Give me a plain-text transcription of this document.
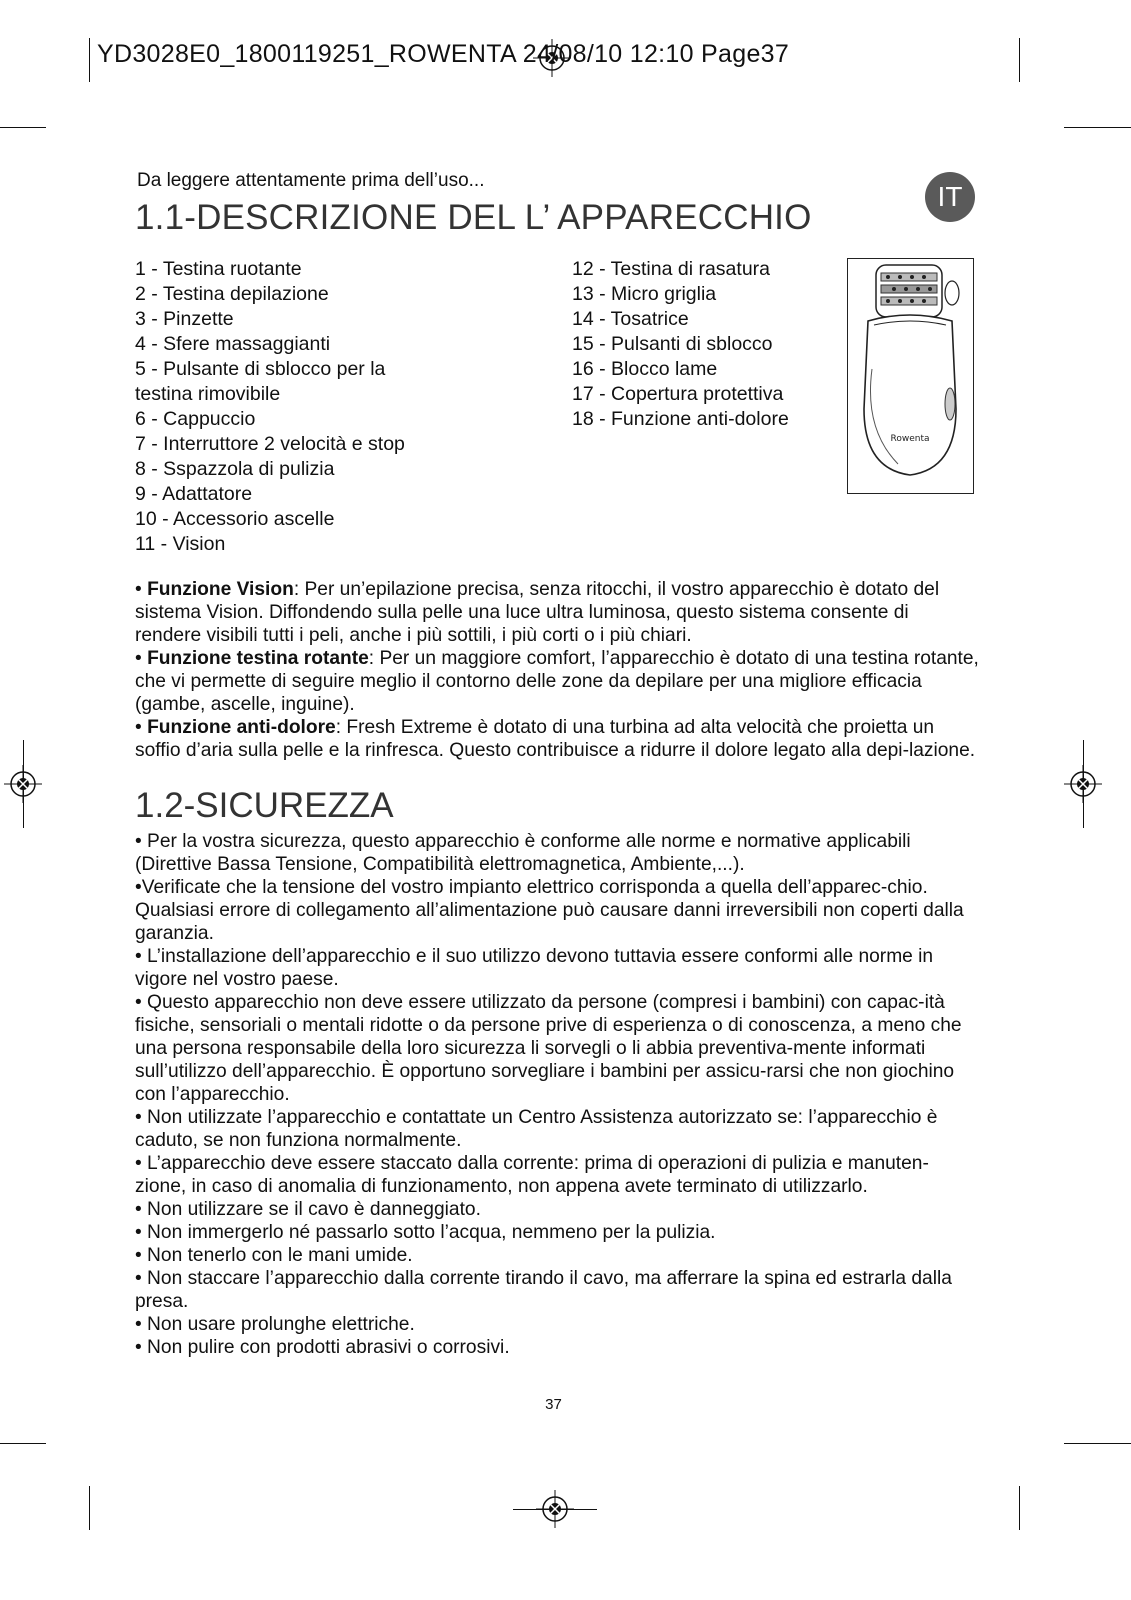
YD3028E0_1800119251_ROWENTA 24/08/10 12:10 Page37
Da leggere attentamente prima dell’uso...
1.1-DESCRIZIONE DEL L’ APPARECCHIO
IT
1 - Testina ruotante
2 - Testina depilazione
3 - Pinzette
4 - Sfere massaggianti
5 - Pulsante di sblocco per la
testina rimovibile
6 - Cappuccio
7 - Interruttore 2 velocità e stop
8 - Sspazzola di pulizia
9 - Adattatore
10 - Accessorio ascelle
11 - Vision
12 - Testina di rasatura
13 - Micro griglia
14 - Tosatrice
15 - Pulsanti di sblocco
16 - Blocco lame
17 - Copertura protettiva
18 - Funzione anti-dolore
Rowenta

• Funzione Vision: Per un’epilazione precisa, senza ritocchi, il vostro apparecchio è dotato del sistema Vision. Diffondendo sulla pelle una luce ultra luminosa, questo sistema consente di rendere visibili tutti i peli, anche i più sottili, i più corti o i più chiari.

• Funzione testina rotante: Per un maggiore comfort, l’apparecchio è dotato di una testina rotante, che vi permette di seguire meglio il contorno delle zone da depilare per una migliore efficacia (gambe, ascelle, inguine).

• Funzione anti-dolore: Fresh Extreme è dotato di una turbina ad alta velocità che proietta un soffio d’aria sulla pelle e la rinfresca. Questo contribuisce a ridurre il dolore legato alla depi-lazione.

1.2-SICUREZZA

• Per la vostra sicurezza, questo apparecchio è conforme alle norme e normative applicabili (Direttive Bassa Tensione, Compatibilità elettromagnetica, Ambiente,...).

•Verificate che la tensione del vostro impianto elettrico corrisponda a quella dell’apparec-chio. Qualsiasi errore di collegamento all’alimentazione può causare danni irreversibili non coperti dalla garanzia.

• L’installazione dell’apparecchio e il suo utilizzo devono tuttavia essere conformi alle norme in vigore nel vostro paese.

• Questo apparecchio non deve essere utilizzato da persone (compresi i bambini) con capac-ità fisiche, sensoriali o mentali ridotte o da persone prive di esperienza o di conoscenza, a meno che una persona responsabile della loro sicurezza li sorvegli o li abbia preventiva-mente informati sull’utilizzo dell’apparecchio. È opportuno sorvegliare i bambini per assicu-rarsi che non giochino con l’apparecchio.

• Non utilizzate l’apparecchio e contattate un Centro Assistenza autorizzato se: l’apparecchio è caduto, se non funziona normalmente.

• L’apparecchio deve essere staccato dalla corrente: prima di operazioni di pulizia e manuten-zione, in caso di anomalia di funzionamento, non appena avete terminato di utilizzarlo.

• Non utilizzare se il cavo è danneggiato.

• Non immergerlo né passarlo sotto l’acqua, nemmeno per la pulizia.

• Non tenerlo con le mani umide.

• Non staccare l’apparecchio dalla corrente tirando il cavo, ma afferrare la spina ed estrarla dalla presa.

• Non usare prolunghe elettriche.

• Non pulire con prodotti abrasivi o corrosivi.

37
